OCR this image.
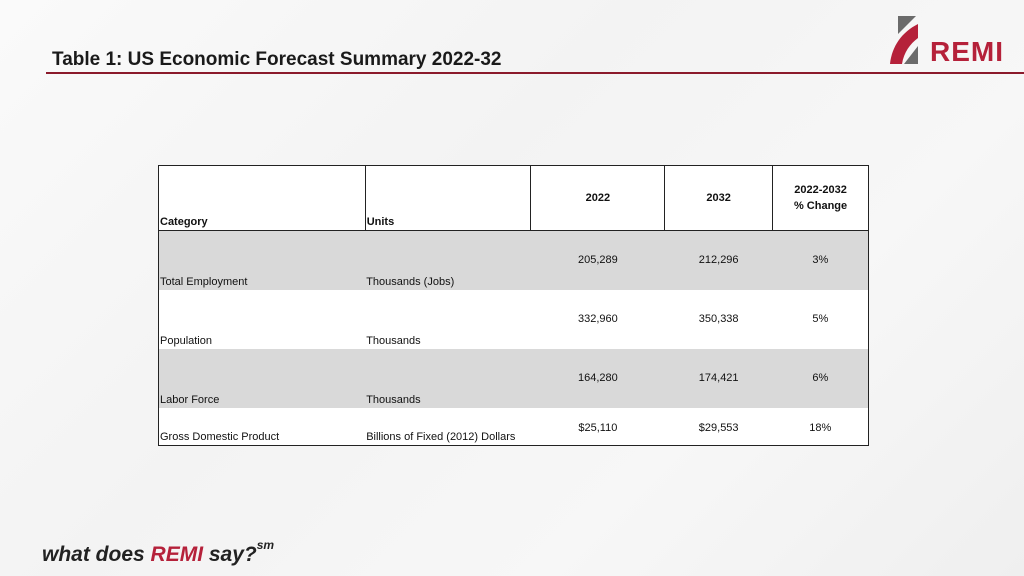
Table 1: US Economic Forecast Summary 2022-32	REMI
Category	Units	2022	2032	2022-2032
% Change
Total Employment	Thousands (Jobs)	205,289	212,296	3%
Population	Thousands	332,960	350,338	5%
Labor Force	Thousands	164,280	174,421	6%
Gross Domestic Product	Billions of Fixed (2012) Dollars	$25,110	$29,553	18%
what does REMI say?$^{sm}$
